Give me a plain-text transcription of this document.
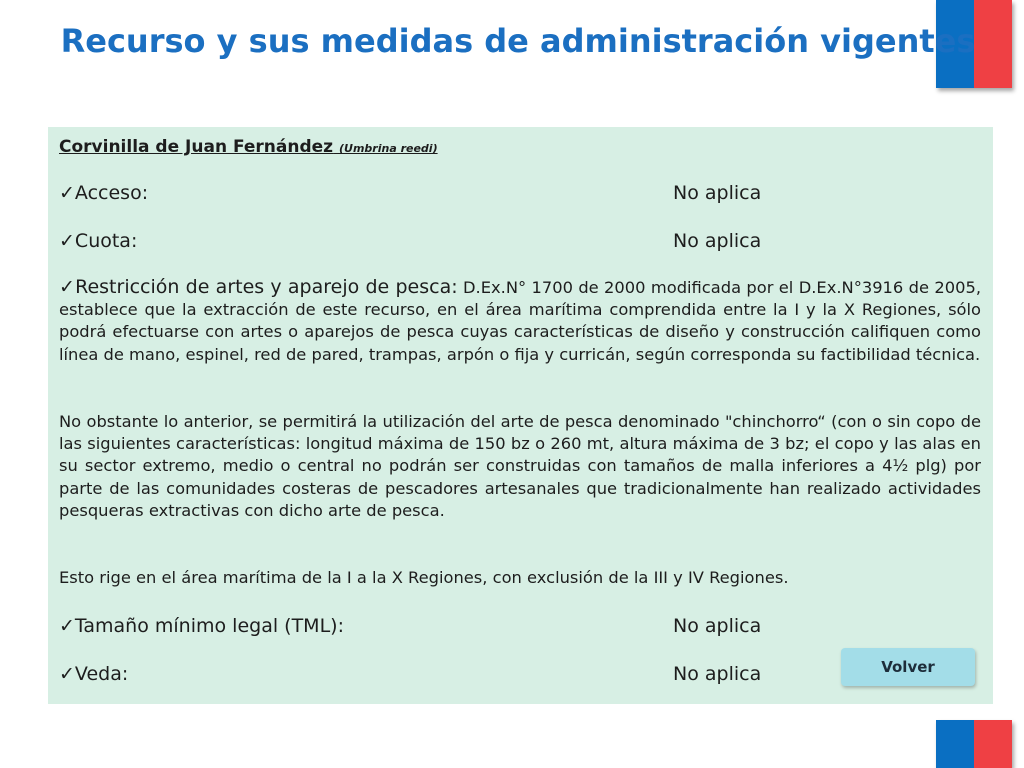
Recurso y sus medidas de administración vigentes
Corvinilla de Juan Fernández (Umbrina reedi)
✓Acceso:	No aplica
✓Cuota:	No aplica
✓Restricción de artes y aparejo de pesca: D.Ex.N° 1700 de 2000 modificada por el D.Ex.N°3916 de 2005, establece que la extracción de este recurso, en el área marítima comprendida entre la I y la X Regiones, sólo podrá efectuarse con artes o aparejos de pesca cuyas características de diseño y construcción califiquen como línea de mano, espinel, red de pared, trampas, arpón o fija y curricán, según corresponda su factibilidad técnica.
No obstante lo anterior, se permitirá la utilización del arte de pesca denominado "chinchorro“ (con o sin copo de las siguientes características: longitud máxima de 150 bz o 260 mt, altura máxima de 3 bz; el copo y las alas en su sector extremo, medio o central no podrán ser construidas con tamaños de malla inferiores a 4½ plg) por parte de las comunidades costeras de pescadores artesanales que tradicionalmente han realizado actividades pesqueras extractivas con dicho arte de pesca.
Esto rige en el área marítima de la I a la X Regiones, con exclusión de la III y IV Regiones.
✓Tamaño mínimo legal (TML):	No aplica
✓Veda:	No aplica	Volver
